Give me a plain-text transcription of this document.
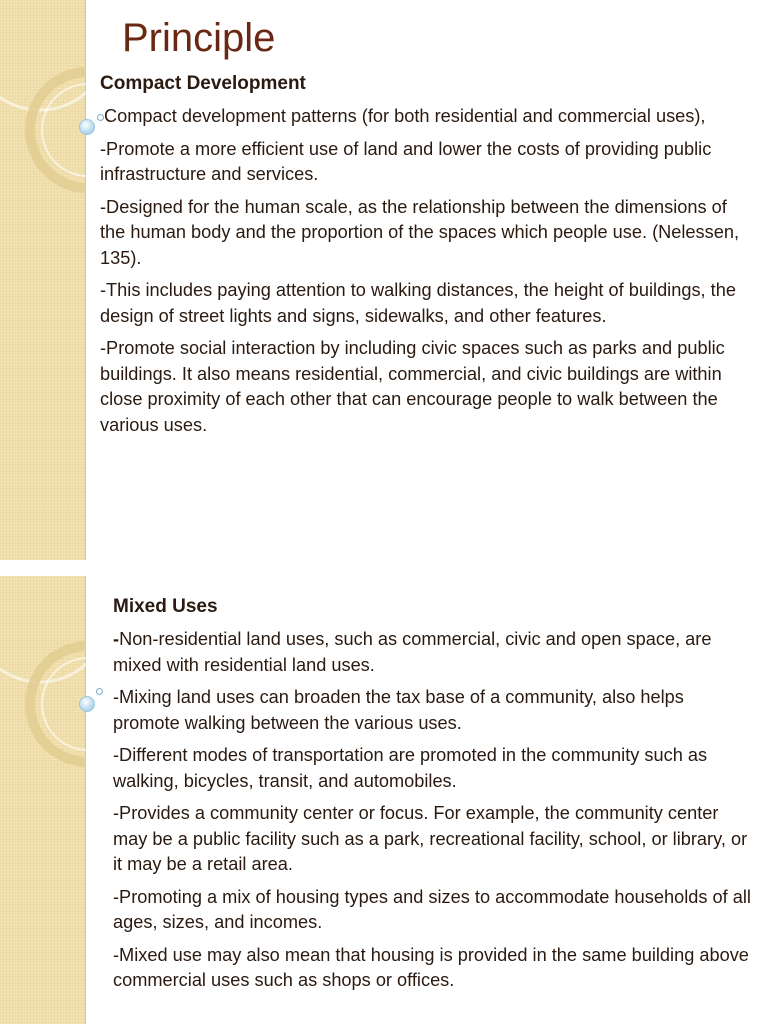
Principle
Compact Development

Compact development patterns (for both residential and commercial uses),

-Promote a more efficient use of land and lower the costs of providing public infrastructure and services.

-Designed for the human scale, as the relationship between the dimensions of the human body and the proportion of the spaces which people use. (Nelessen, 135).

-This includes paying attention to walking distances, the height of buildings, the design of street lights and signs, sidewalks, and other features.

-Promote social interaction by including civic spaces such as parks and public buildings. It also means residential, commercial, and civic buildings are within close proximity of each other that can encourage people to walk between the various uses.

Mixed Uses

-Non-residential land uses, such as commercial, civic and open space, are mixed with residential land uses.

-Mixing land uses can broaden the tax base of a community, also helps promote walking between the various uses.

-Different modes of transportation are promoted in the community such as walking, bicycles, transit, and automobiles.

-Provides a community center or focus. For example, the community center may be a public facility such as a park, recreational facility, school, or library, or it may be a retail area.

-Promoting a mix of housing types and sizes to accommodate households of all ages, sizes, and incomes.

-Mixed use may also mean that housing is provided in the same building above commercial uses such as shops or offices.
